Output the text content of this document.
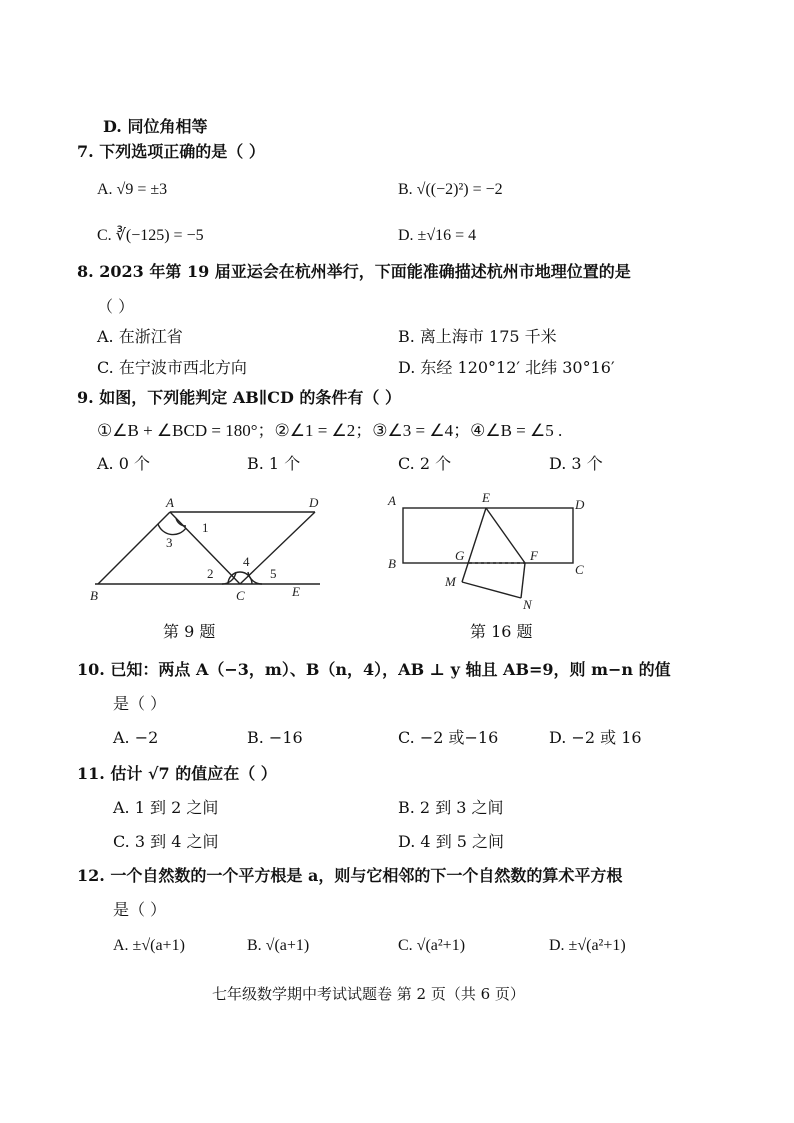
D. 同位角相等
7. 下列选项正确的是（ ）
A. √9 = ±3	B. √((−2)²) = −2
C. ∛(−125) = −5	D. ±√16 = 4
8. 2023 年第 19 届亚运会在杭州举行，下面能准确描述杭州市地理位置的是
（ ）
A. 在浙江省	B. 离上海市 175 千米
C. 在宁波市西北方向	D. 东经 120°12′ 北纬 30°16′
9. 如图，下列能判定 AB∥CD 的条件有（ ）
①∠B + ∠BCD = 180°；②∠1 = ∠2；③∠3 = ∠4；④∠B = ∠5 .
A. 0 个	B. 1 个	C. 2 个	D. 3 个
A	D
B	C	E
1
2
3
4
5
第 9 题
A	E	D
B
G	F
C
M
N
第 16 题
10. 已知：两点 A（−3，m）、B（n，4），AB ⊥ y 轴且 AB=9，则 m−n 的值
是（ ）
A. −2	B. −16	C. −2 或−16	D. −2 或 16
11. 估计 √7 的值应在（ ）
A. 1 到 2 之间	B. 2 到 3 之间
C. 3 到 4 之间	D. 4 到 5 之间
12. 一个自然数的一个平方根是 a，则与它相邻的下一个自然数的算术平方根
是（ ）
A. ±√(a+1)	B. √(a+1)	C. √(a²+1)	D. ±√(a²+1)
七年级数学期中考试试题卷 第 2 页（共 6 页）
